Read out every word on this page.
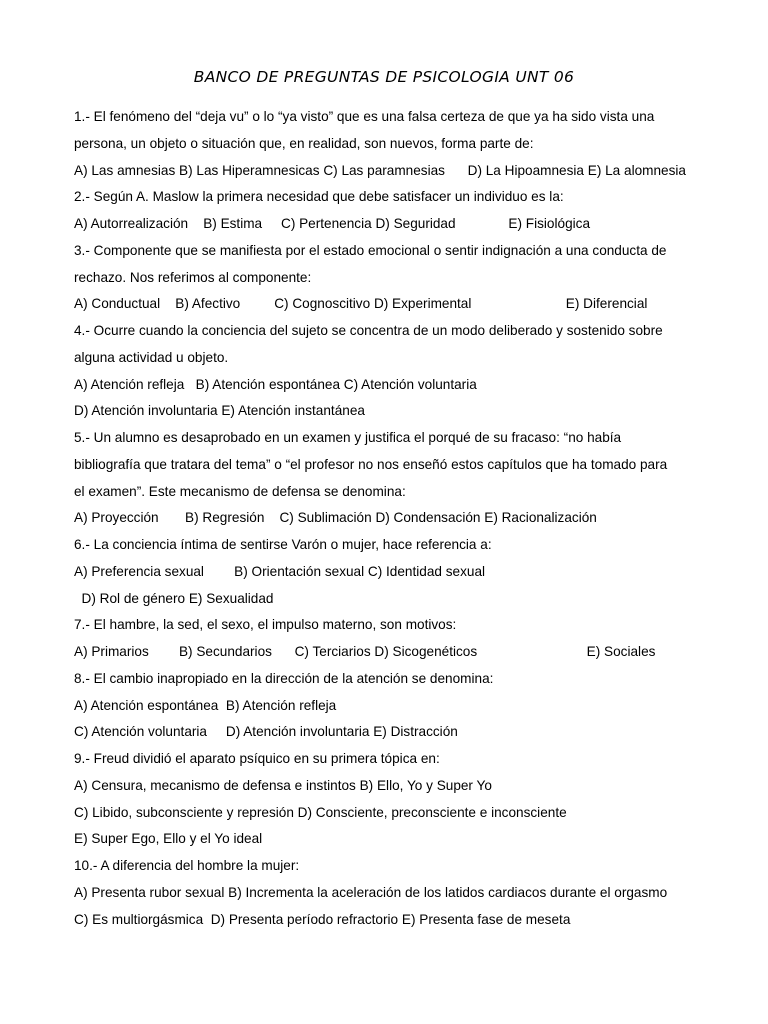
BANCO DE PREGUNTAS DE PSICOLOGIA UNT 06
1.- El fenómeno del “deja vu” o lo “ya visto” que es una falsa certeza de que ya ha sido vista una
persona, un objeto o situación que, en realidad, son nuevos, forma parte de:
A) Las amnesias B) Las Hiperamnesicas C) Las paramnesias      D) La Hipoamnesia E) La alomnesia
2.- Según A. Maslow la primera necesidad que debe satisfacer un individuo es la:
A) Autorrealización    B) Estima     C) Pertenencia D) Seguridad              E) Fisiológica
3.- Componente que se manifiesta por el estado emocional o sentir indignación a una conducta de
rechazo. Nos referimos al componente:
A) Conductual    B) Afectivo         C) Cognoscitivo D) Experimental                         E) Diferencial
4.- Ocurre cuando la conciencia del sujeto se concentra de un modo deliberado y sostenido sobre
alguna actividad u objeto.
A) Atención refleja   B) Atención espontánea C) Atención voluntaria
D) Atención involuntaria E) Atención instantánea
5.- Un alumno es desaprobado en un examen y justifica el porqué de su fracaso: “no había
bibliografía que tratara del tema” o “el profesor no nos enseñó estos capítulos que ha tomado para
el examen”. Este mecanismo de defensa se denomina:
A) Proyección       B) Regresión    C) Sublimación D) Condensación E) Racionalización
6.- La conciencia íntima de sentirse Varón o mujer, hace referencia a:
A) Preferencia sexual        B) Orientación sexual C) Identidad sexual
D) Rol de género E) Sexualidad
7.- El hambre, la sed, el sexo, el impulso materno, son motivos:
A) Primarios        B) Secundarios      C) Terciarios D) Sicogenéticos                             E) Sociales
8.- El cambio inapropiado en la dirección de la atención se denomina:
A) Atención espontánea  B) Atención refleja
C) Atención voluntaria     D) Atención involuntaria E) Distracción
9.- Freud dividió el aparato psíquico en su primera tópica en:
A) Censura, mecanismo de defensa e instintos B) Ello, Yo y Super Yo
C) Libido, subconsciente y represión D) Consciente, preconsciente e inconsciente
E) Super Ego, Ello y el Yo ideal
10.- A diferencia del hombre la mujer:
A) Presenta rubor sexual B) Incrementa la aceleración de los latidos cardiacos durante el orgasmo
C) Es multiorgásmica  D) Presenta período refractorio E) Presenta fase de meseta
